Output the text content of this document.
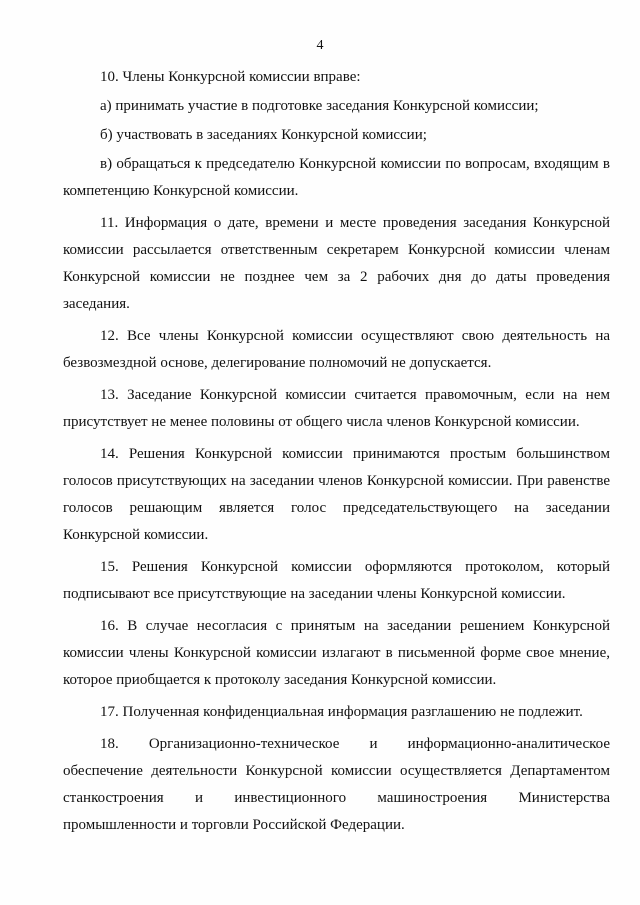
4

10. Члены Конкурсной комиссии вправе:

а) принимать участие в подготовке заседания Конкурсной комиссии;

б) участвовать в заседаниях Конкурсной комиссии;

в) обращаться к председателю Конкурсной комиссии по вопросам, входящим в компетенцию Конкурсной комиссии.

11. Информация о дате, времени и месте проведения заседания Конкурсной комиссии рассылается ответственным секретарем Конкурсной комиссии членам Конкурсной комиссии не позднее чем за 2 рабочих дня до даты проведения заседания.

12. Все члены Конкурсной комиссии осуществляют свою деятельность на безвозмездной основе, делегирование полномочий не допускается.

13. Заседание Конкурсной комиссии считается правомочным, если на нем присутствует не менее половины от общего числа членов Конкурсной комиссии.

14. Решения Конкурсной комиссии принимаются простым большинством голосов присутствующих на заседании членов Конкурсной комиссии. При равенстве голосов решающим является голос председательствующего на заседании Конкурсной комиссии.

15. Решения Конкурсной комиссии оформляются протоколом, который подписывают все присутствующие на заседании члены Конкурсной комиссии.

16. В случае несогласия с принятым на заседании решением Конкурсной комиссии члены Конкурсной комиссии излагают в письменной форме свое мнение, которое приобщается к протоколу заседания Конкурсной комиссии.

17. Полученная конфиденциальная информация разглашению не подлежит.

18. Организационно-техническое и информационно-аналитическое обеспечение деятельности Конкурсной комиссии осуществляется Департаментом станкостроения и инвестиционного машиностроения Министерства промышленности и торговли Российской Федерации.
